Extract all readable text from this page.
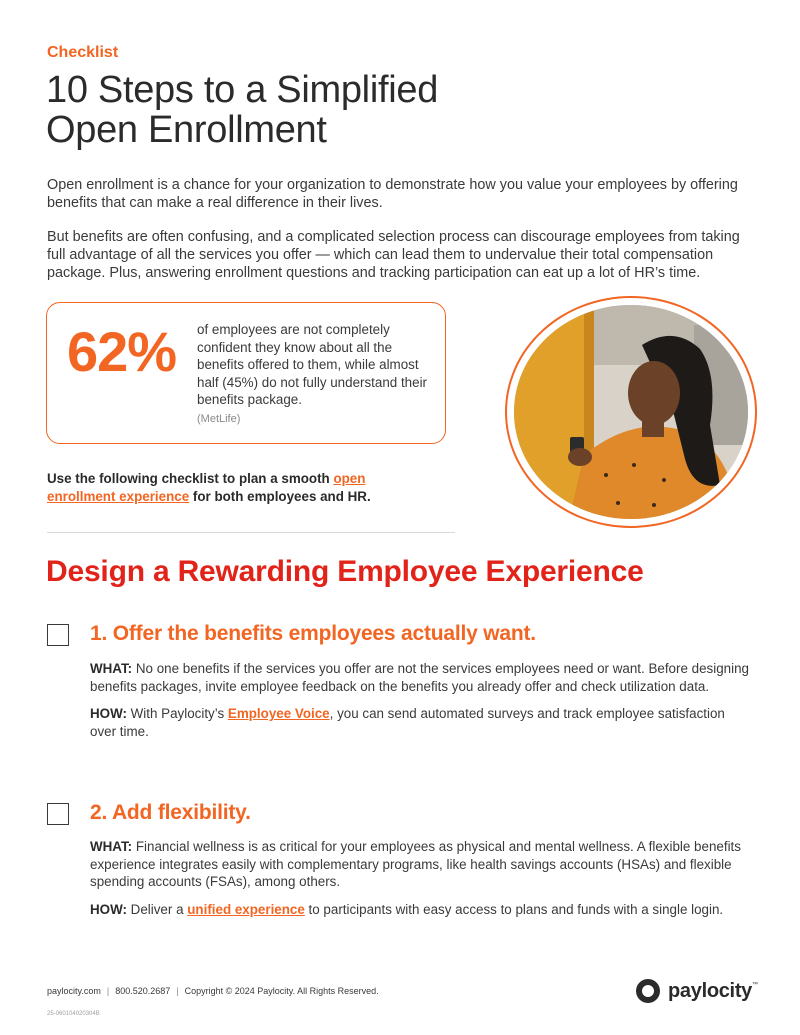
Checklist
10 Steps to a Simplified
Open Enrollment

Open enrollment is a chance for your organization to demonstrate how you value your employees by offering benefits that can make a real difference in their lives.

But benefits are often confusing, and a complicated selection process can discourage employees from taking full advantage of all the services you offer — which can lead them to undervalue their total compensation package. Plus, answering enrollment questions and tracking participation can eat up a lot of HR’s time.

62% of employees are not completely confident they know about all the benefits offered to them, while almost half (45%) do not fully understand their benefits package.
(MetLife)

Use the following checklist to plan a smooth open enrollment experience for both employees and HR.

Design a Rewarding Employee Experience
1. Offer the benefits employees actually want.

WHAT: No one benefits if the services you offer are not the services employees need or want. Before designing benefits packages, invite employee feedback on the benefits you already offer and check utilization data.

HOW: With Paylocity’s Employee Voice, you can send automated surveys and track employee satisfaction over time.

2. Add flexibility.

WHAT: Financial wellness is as critical for your employees as physical and mental wellness. A flexible benefits experience integrates easily with complementary programs, like health savings accounts (HSAs) and flexible spending accounts (FSAs), among others.

HOW: Deliver a unified experience to participants with easy access to plans and funds with a single login.

paylocity.com | 800.520.2687 | Copyright © 2024 Paylocity. All Rights Reserved.
25-060104020304B
paylocity ™
